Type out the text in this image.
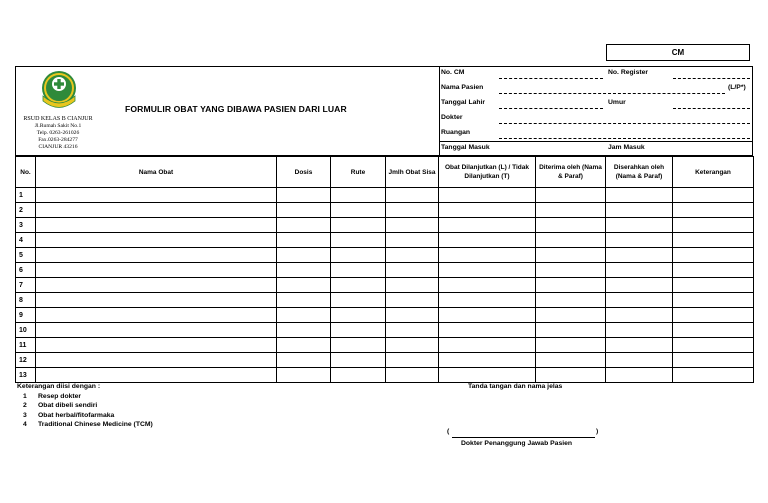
CM
RSUD KELAS B CIANJUR
Jl.Rumah Sakit No.1
Telp. 0263-261026
Fax.0263-284277
CIANJUR 43216
FORMULIR OBAT YANG DIBAWA PASIEN DARI LUAR
No. CM	No. Register
Nama Pasien	(L/P*)
Tanggal Lahir	Umur
Dokter
Ruangan
Tanggal Masuk	Jam Masuk
No.	Nama Obat	Dosis	Rute	Jmlh Obat Sisa	Obat Dilanjutkan (L) / Tidak Dilanjutkan (T)	Diterima oleh (Nama & Paraf)	Diserahkan oleh (Nama & Paraf)	Keterangan
1								
2								
3								
4								
5								
6								
7								
8								
9								
10								
11								
12								
13								
Keterangan diisi dengan :
1 Resep dokter
2 Obat dibeli sendiri
3 Obat herbal/fitofarmaka
4 Traditional Chinese Medicine (TCM)
Tanda tangan dan nama jelas
(	)
Dokter Penanggung Jawab Pasien
